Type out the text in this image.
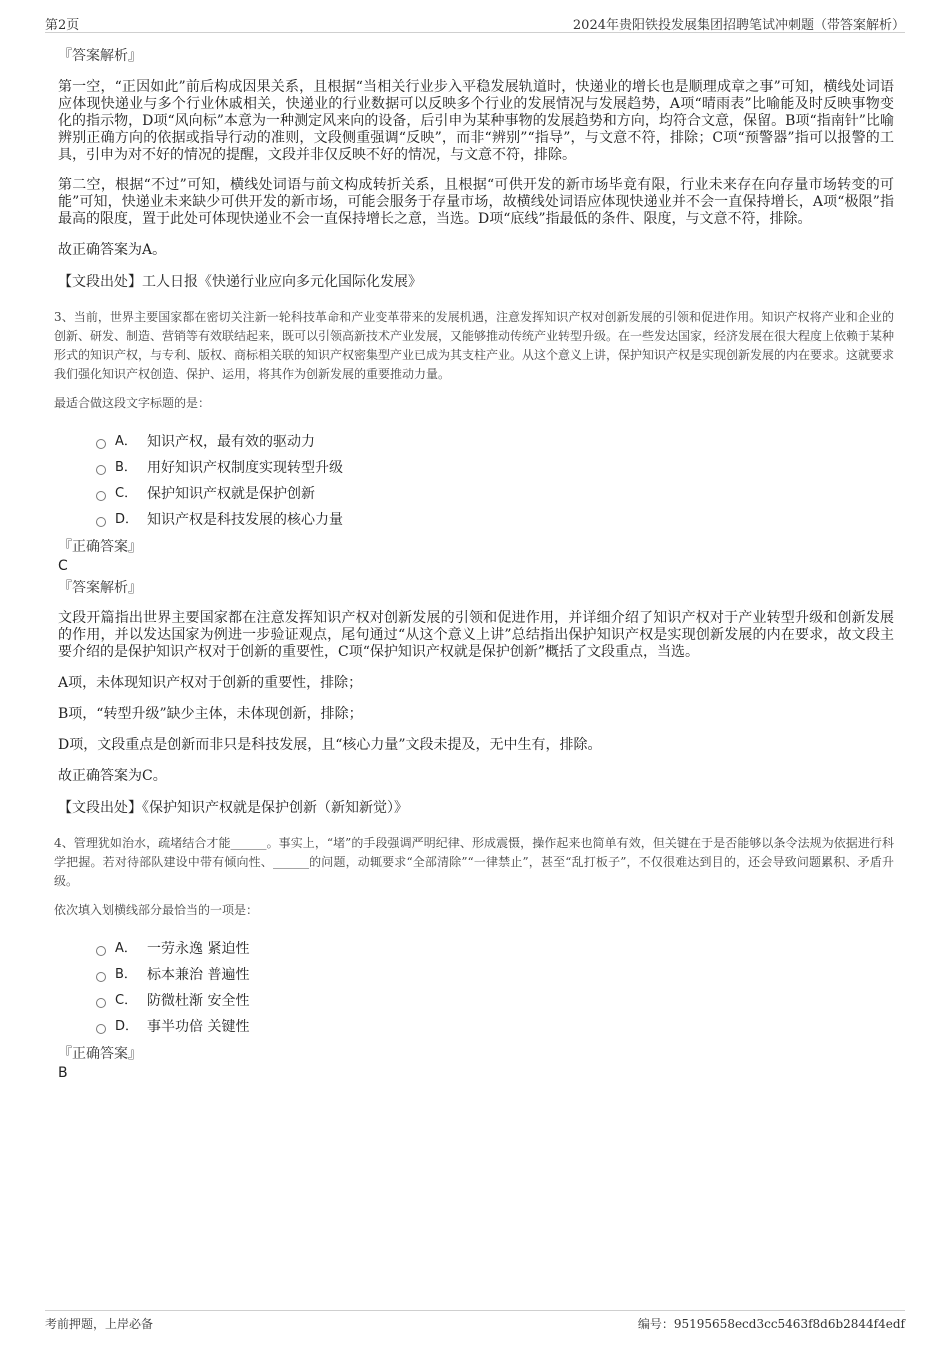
第2页	2024年贵阳铁投发展集团招聘笔试冲刺题（带答案解析）

『答案解析』

第一空，“正因如此”前后构成因果关系，且根据“当相关行业步入平稳发展轨道时，快递业的增长也是顺理成章之事”可知，横线处词语应体现快递业与多个行业休戚相关，快递业的行业数据可以反映多个行业的发展情况与发展趋势，A项“晴雨表”比喻能及时反映事物变化的指示物，D项“风向标”本意为一种测定风来向的设备，后引申为某种事物的发展趋势和方向，均符合文意，保留。B项“指南针”比喻辨别正确方向的依据或指导行动的准则，文段侧重强调“反映”，而非“辨别”“指导”，与文意不符，排除；C项“预警器”指可以报警的工具，引申为对不好的情况的提醒，文段并非仅反映不好的情况，与文意不符，排除。

第二空，根据“不过”可知，横线处词语与前文构成转折关系，且根据“可供开发的新市场毕竟有限，行业未来存在向存量市场转变的可能”可知，快递业未来缺少可供开发的新市场，可能会服务于存量市场，故横线处词语应体现快递业并不会一直保持增长，A项“极限”指最高的限度，置于此处可体现快递业不会一直保持增长之意，当选。D项“底线”指最低的条件、限度，与文意不符，排除。

故正确答案为A。

【文段出处】工人日报《快递行业应向多元化国际化发展》

3、当前，世界主要国家都在密切关注新一轮科技革命和产业变革带来的发展机遇，注意发挥知识产权对创新发展的引领和促进作用。知识产权将产业和企业的创新、研发、制造、营销等有效联结起来，既可以引领高新技术产业发展，又能够推动传统产业转型升级。在一些发达国家，经济发展在很大程度上依赖于某种形式的知识产权，与专利、版权、商标相关联的知识产权密集型产业已成为其支柱产业。从这个意义上讲，保护知识产权是实现创新发展的内在要求。这就要求我们强化知识产权创造、保护、运用，将其作为创新发展的重要推动力量。

最适合做这段文字标题的是：

A． 知识产权，最有效的驱动力
B． 用好知识产权制度实现转型升级
C． 保护知识产权就是保护创新
D． 知识产权是科技发展的核心力量

『正确答案』

C

『答案解析』

文段开篇指出世界主要国家都在注意发挥知识产权对创新发展的引领和促进作用，并详细介绍了知识产权对于产业转型升级和创新发展的作用，并以发达国家为例进一步验证观点，尾句通过“从这个意义上讲”总结指出保护知识产权是实现创新发展的内在要求，故文段主要介绍的是保护知识产权对于创新的重要性，C项“保护知识产权就是保护创新”概括了文段重点，当选。

A项，未体现知识产权对于创新的重要性，排除；

B项，“转型升级”缺少主体，未体现创新，排除；

D项，文段重点是创新而非只是科技发展，且“核心力量”文段未提及，无中生有，排除。

故正确答案为C。

【文段出处】《保护知识产权就是保护创新（新知新觉）》

4、管理犹如治水，疏堵结合才能______。事实上，“堵”的手段强调严明纪律、形成震慑，操作起来也简单有效，但关键在于是否能够以条令法规为依据进行科学把握。若对待部队建设中带有倾向性、______的问题，动辄要求“全部清除”“一律禁止”，甚至“乱打板子”，不仅很难达到目的，还会导致问题累积、矛盾升级。

依次填入划横线部分最恰当的一项是：

A． 一劳永逸 紧迫性
B． 标本兼治 普遍性
C． 防微杜渐 安全性
D． 事半功倍 关键性

『正确答案』

B

考前押题，上岸必备	编号：95195658ecd3cc5463f8d6b2844f4edf
